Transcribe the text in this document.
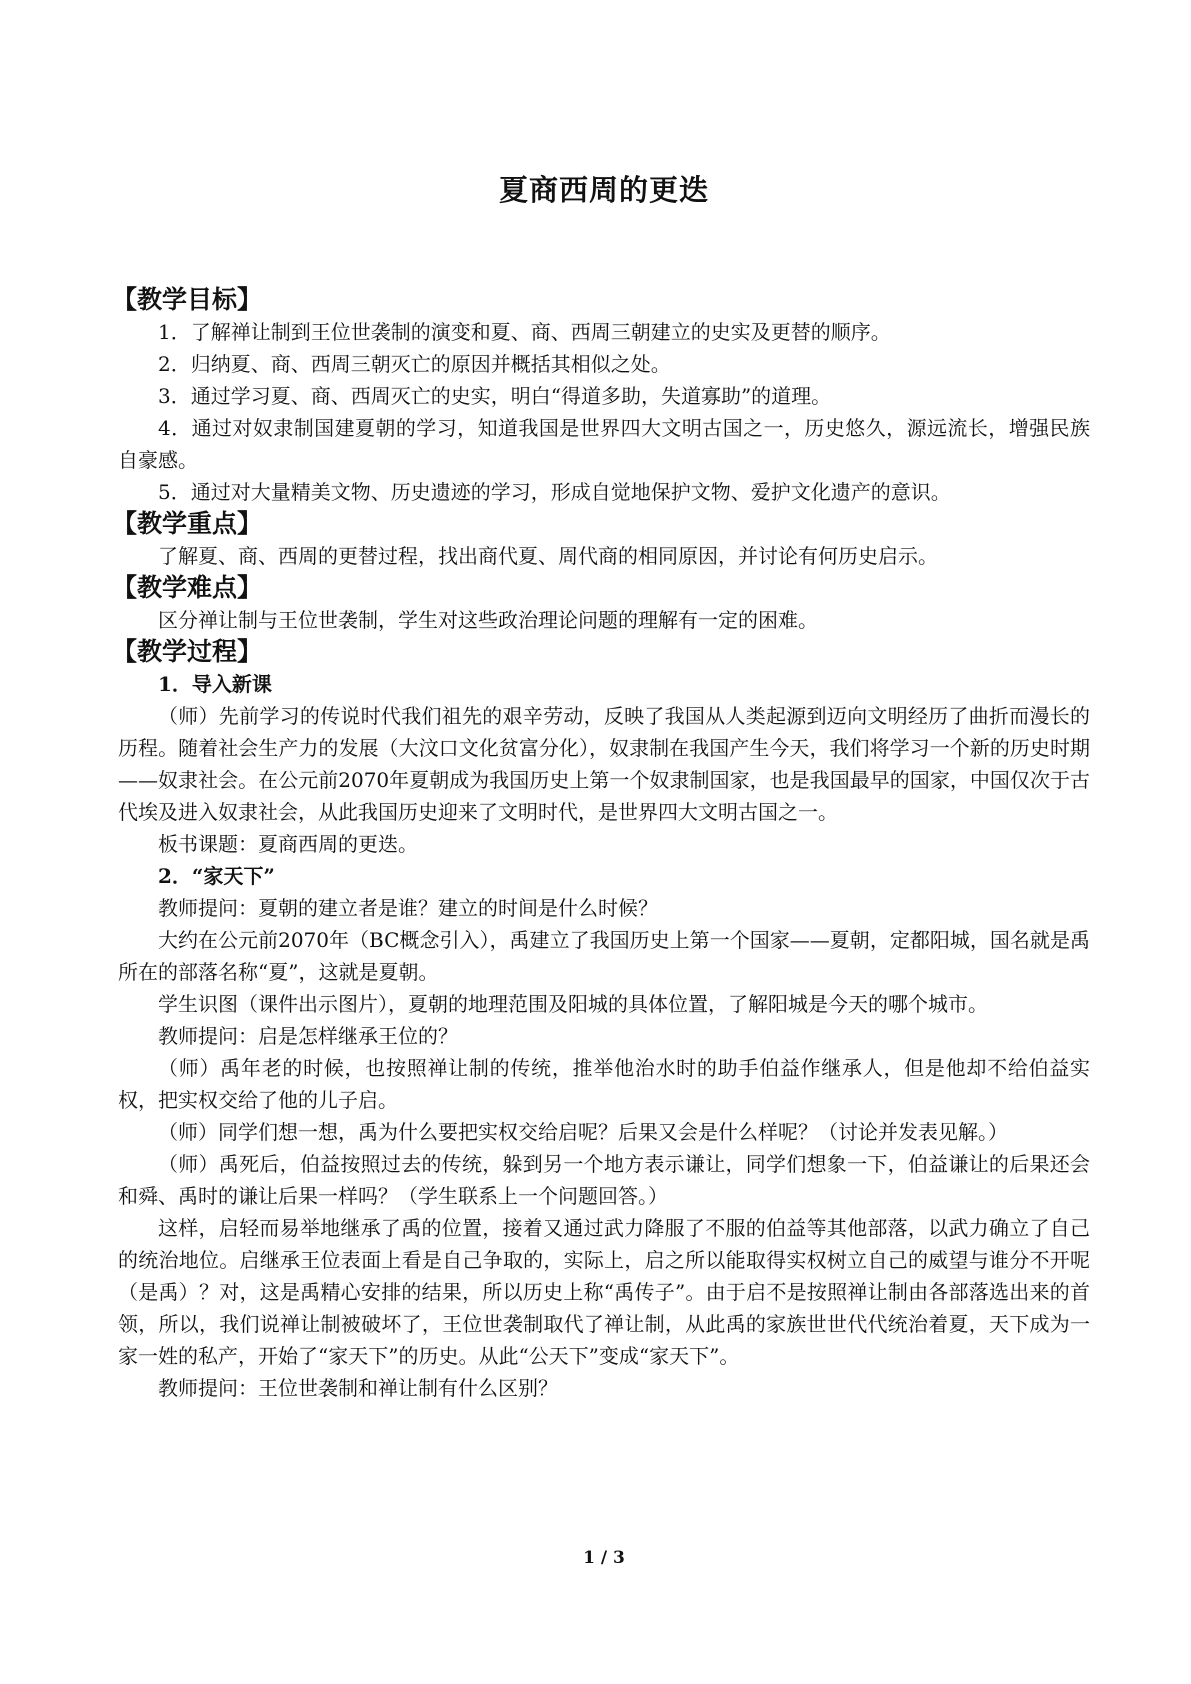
夏商西周的更迭
【教学目标】

1．了解禅让制到王位世袭制的演变和夏、商、西周三朝建立的史实及更替的顺序。

2．归纳夏、商、西周三朝灭亡的原因并概括其相似之处。

3．通过学习夏、商、西周灭亡的史实，明白“得道多助，失道寡助”的道理。

4．通过对奴隶制国建夏朝的学习，知道我国是世界四大文明古国之一，历史悠久，源远流长，增强民族自豪感。

5．通过对大量精美文物、历史遗迹的学习，形成自觉地保护文物、爱护文化遗产的意识。

【教学重点】

了解夏、商、西周的更替过程，找出商代夏、周代商的相同原因，并讨论有何历史启示。

【教学难点】

区分禅让制与王位世袭制，学生对这些政治理论问题的理解有一定的困难。

【教学过程】

1．导入新课

（师）先前学习的传说时代我们祖先的艰辛劳动，反映了我国从人类起源到迈向文明经历了曲折而漫长的历程。随着社会生产力的发展（大汶口文化贫富分化），奴隶制在我国产生今天，我们将学习一个新的历史时期——奴隶社会。在公元前2070年夏朝成为我国历史上第一个奴隶制国家，也是我国最早的国家，中国仅次于古代埃及进入奴隶社会，从此我国历史迎来了文明时代，是世界四大文明古国之一。

板书课题：夏商西周的更迭。

2．“家天下”

教师提问：夏朝的建立者是谁？建立的时间是什么时候？

大约在公元前2070年（BC概念引入），禹建立了我国历史上第一个国家——夏朝，定都阳城，国名就是禹所在的部落名称“夏”，这就是夏朝。

学生识图（课件出示图片），夏朝的地理范围及阳城的具体位置，了解阳城是今天的哪个城市。

教师提问：启是怎样继承王位的？

（师）禹年老的时候，也按照禅让制的传统，推举他治水时的助手伯益作继承人，但是他却不给伯益实权，把实权交给了他的儿子启。

（师）同学们想一想，禹为什么要把实权交给启呢？后果又会是什么样呢？（讨论并发表见解。）

（师）禹死后，伯益按照过去的传统，躲到另一个地方表示谦让，同学们想象一下，伯益谦让的后果还会和舜、禹时的谦让后果一样吗？（学生联系上一个问题回答。）

这样，启轻而易举地继承了禹的位置，接着又通过武力降服了不服的伯益等其他部落，以武力确立了自己的统治地位。启继承王位表面上看是自己争取的，实际上，启之所以能取得实权树立自己的威望与谁分不开呢（是禹）？对，这是禹精心安排的结果，所以历史上称“禹传子”。由于启不是按照禅让制由各部落选出来的首领，所以，我们说禅让制被破坏了，王位世袭制取代了禅让制，从此禹的家族世世代代统治着夏，天下成为一家一姓的私产，开始了“家天下”的历史。从此“公天下”变成“家天下”。

教师提问：王位世袭制和禅让制有什么区别？

1 / 3
